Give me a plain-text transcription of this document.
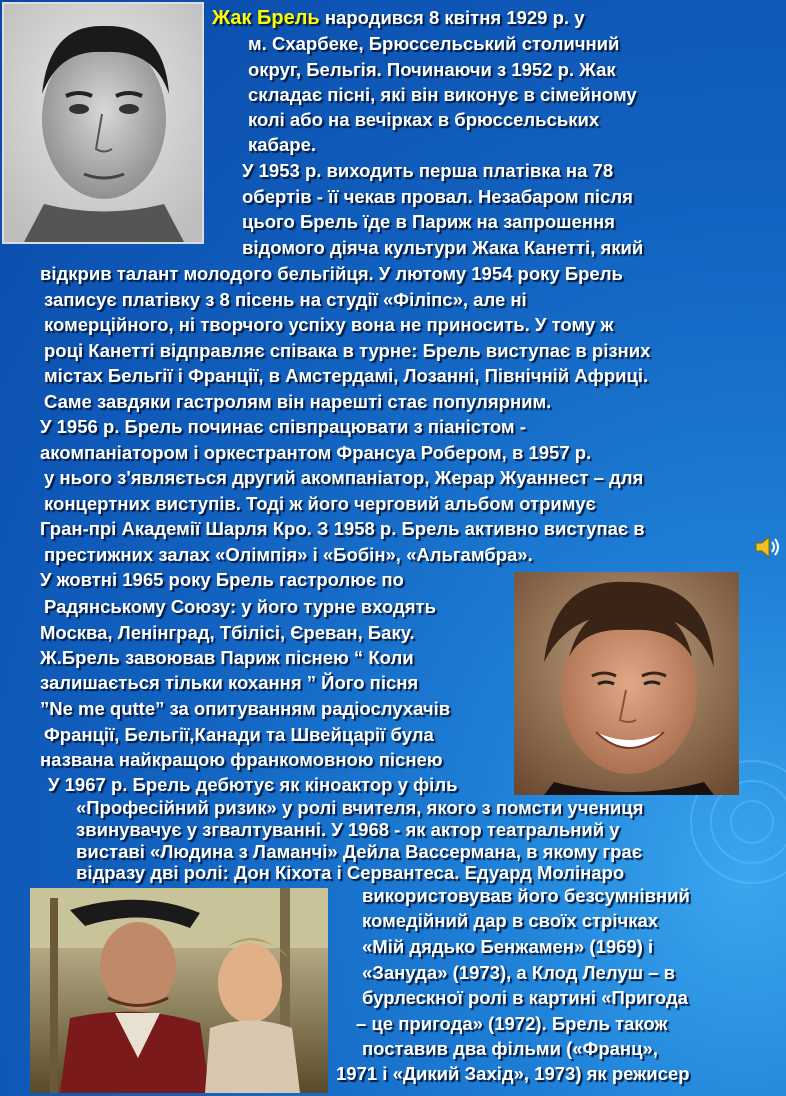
Жак Брель народився 8 квітня 1929 р. у
м. Схарбеке, Брюссельський столичний
округ, Бельгія. Починаючи з 1952 р. Жак
складає пісні, які він виконує в сімейному
колі або на вечірках в брюссельських
кабаре.
У 1953 р. виходить перша платівка на 78
обертів - її чекав провал. Незабаром після
цього Брель їде в Париж на запрошення
відомого діяча культури Жака Канетті, який
відкрив талант молодого бельгійця. У лютому 1954 року Брель
записує платівку з 8 пісень на студії «Філіпс», але ні
комерційного, ні творчого успіху вона не приносить. У тому ж
році Канетті відправляє співака в турне: Брель виступає в різних
містах Бельгії і Франції, в Амстердамі, Лозанні, Північній Африці.
Саме завдяки гастролям він нарешті стає популярним.
У 1956 р. Брель починає співпрацювати з піаністом -
акомпаніатором і оркестрантом Франсуа Робером, в 1957 р.
у нього з'являється другий акомпаніатор, Жерар Жуаннест – для
концертних виступів. Тоді ж його черговий альбом отримує
Гран-прі Академії Шарля Кро. З 1958 р. Брель активно виступає в
престижних залах «Олімпія» і «Бобін», «Альгамбра».
У жовтні 1965 року Брель гастролює по
Радянському Союзу: у його турне входять
Москва, Ленінград, Тбілісі, Єреван, Баку.
Ж.Брель завоював Париж піснею “ Коли
залишається тільки кохання ” Його пісня
”Ne me qutte” за опитуванням радіослухачів
Франції, Бельгії,Канади та Швейцарії була
названа найкращою франкомовною піснею
У 1967 р. Брель дебютує як кіноактор у філь
«Професійний ризик» у ролі вчителя, якого з помсти учениця
звинувачує у згвалтуванні. У 1968 - як актор театральний у
виставі «Людина з Ламанчі» Дейла Вассермана, в якому грає
відразу дві ролі: Дон Кіхота і Сервантеса. Едуард Молінаро
використовував його безсумнівний
комедійний дар в своїх стрічках
«Мій дядько Бенжамен» (1969) і
«Зануда» (1973), а Клод Лелуш – в
бурлескної ролі в картині «Пригода
– це пригода» (1972). Брель також
поставив два фільми («Франц»,
1971 і «Дикий Захід», 1973) як режисер
